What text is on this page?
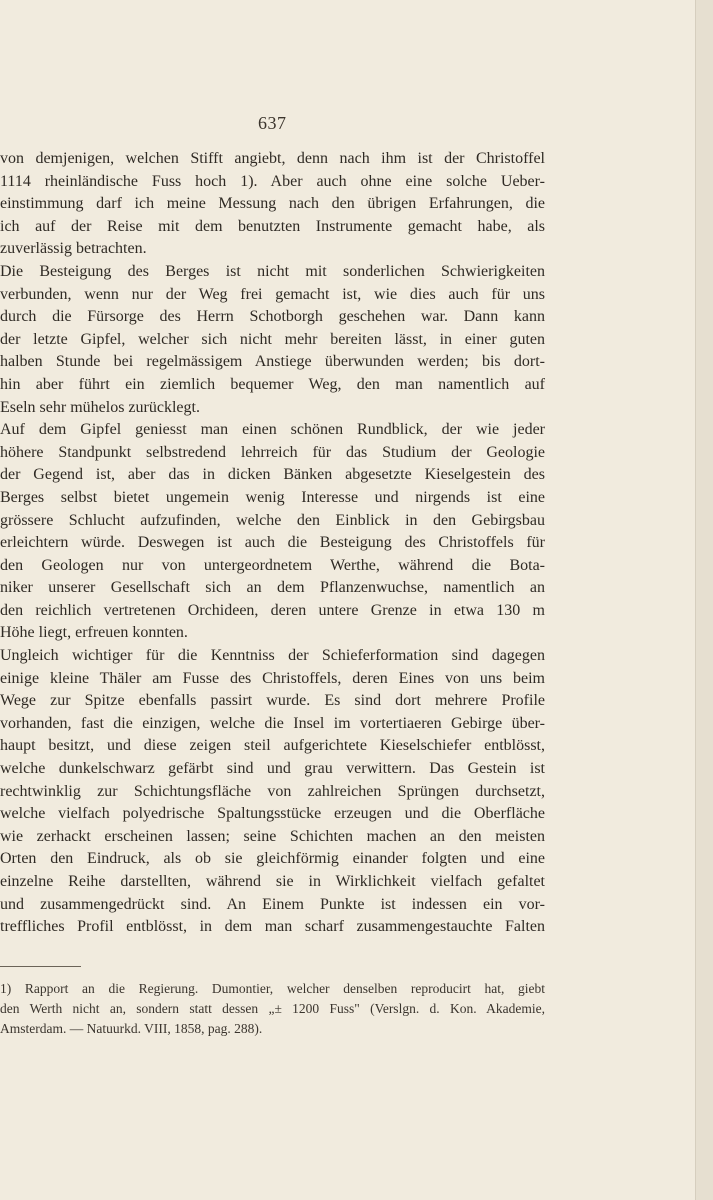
637
von demjenigen, welchen Stifft angiebt, denn nach ihm ist der Christoffel
1114 rheinländische Fuss hoch 1). Aber auch ohne eine solche Ueber-
einstimmung darf ich meine Messung nach den übrigen Erfahrungen, die
ich auf der Reise mit dem benutzten Instrumente gemacht habe, als
zuverlässig betrachten.
Die Besteigung des Berges ist nicht mit sonderlichen Schwierigkeiten
verbunden, wenn nur der Weg frei gemacht ist, wie dies auch für uns
durch die Fürsorge des Herrn Schotborgh geschehen war. Dann kann
der letzte Gipfel, welcher sich nicht mehr bereiten lässt, in einer guten
halben Stunde bei regelmässigem Anstiege überwunden werden; bis dort-
hin aber führt ein ziemlich bequemer Weg, den man namentlich auf
Eseln sehr mühelos zurücklegt.
Auf dem Gipfel geniesst man einen schönen Rundblick, der wie jeder
höhere Standpunkt selbstredend lehrreich für das Studium der Geologie
der Gegend ist, aber das in dicken Bänken abgesetzte Kieselgestein des
Berges selbst bietet ungemein wenig Interesse und nirgends ist eine
grössere Schlucht aufzufinden, welche den Einblick in den Gebirgsbau
erleichtern würde. Deswegen ist auch die Besteigung des Christoffels für
den Geologen nur von untergeordnetem Werthe, während die Bota-
niker unserer Gesellschaft sich an dem Pflanzenwuchse, namentlich an
den reichlich vertretenen Orchideen, deren untere Grenze in etwa 130 m
Höhe liegt, erfreuen konnten.
Ungleich wichtiger für die Kenntniss der Schieferformation sind dagegen
einige kleine Thäler am Fusse des Christoffels, deren Eines von uns beim
Wege zur Spitze ebenfalls passirt wurde. Es sind dort mehrere Profile
vorhanden, fast die einzigen, welche die Insel im vortertiaeren Gebirge über-
haupt besitzt, und diese zeigen steil aufgerichtete Kieselschiefer entblösst,
welche dunkelschwarz gefärbt sind und grau verwittern. Das Gestein ist
rechtwinklig zur Schichtungsfläche von zahlreichen Sprüngen durchsetzt,
welche vielfach polyedrische Spaltungsstücke erzeugen und die Oberfläche
wie zerhackt erscheinen lassen; seine Schichten machen an den meisten
Orten den Eindruck, als ob sie gleichförmig einander folgten und eine
einzelne Reihe darstellten, während sie in Wirklichkeit vielfach gefaltet
und zusammengedrückt sind. An Einem Punkte ist indessen ein vor-
treffliches Profil entblösst, in dem man scharf zusammengestauchte Falten
1) Rapport an die Regierung. Dumontier, welcher denselben reproducirt hat, giebt
den Werth nicht an, sondern statt dessen „± 1200 Fuss" (Verslgn. d. Kon. Akademie,
Amsterdam. — Natuurkd. VIII, 1858, pag. 288).
